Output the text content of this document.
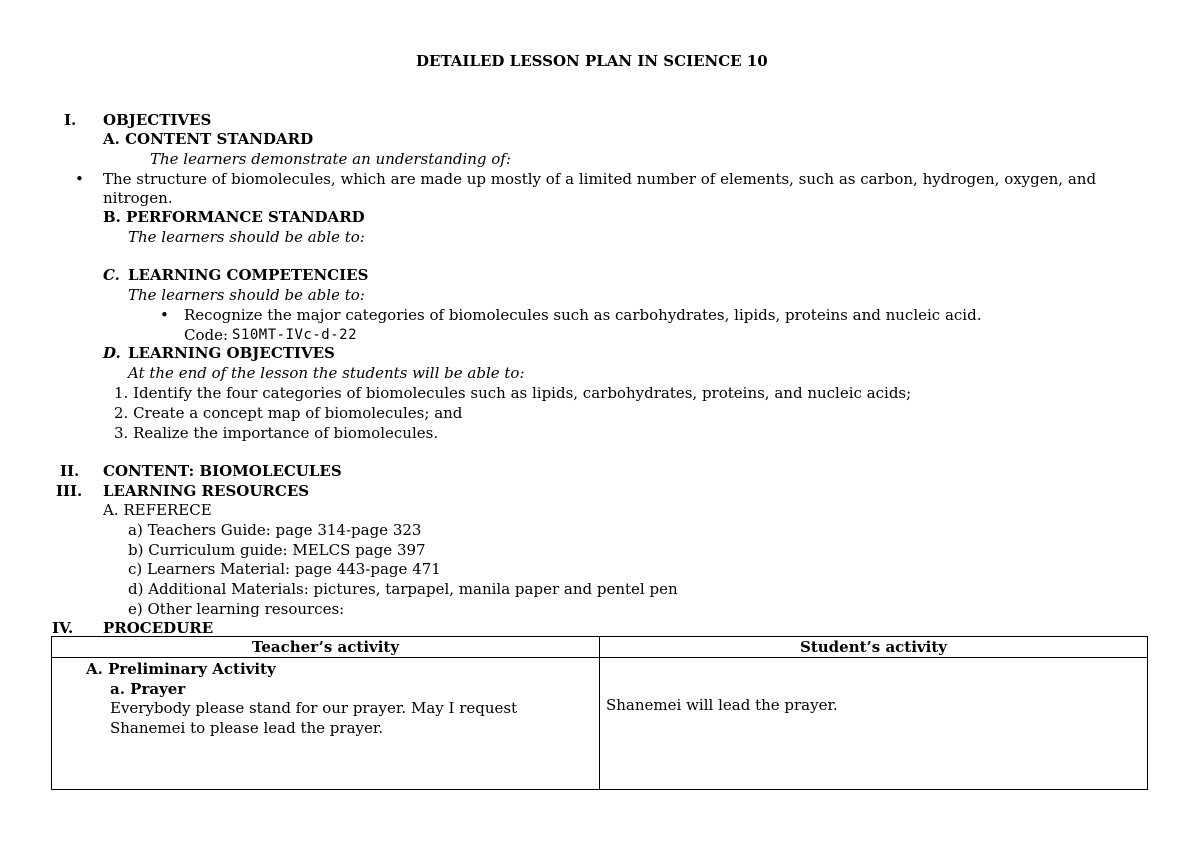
DETAILED LESSON PLAN IN SCIENCE 10
I. OBJECTIVES
A. CONTENT STANDARD
The learners demonstrate an understanding of:
• The structure of biomolecules, which are made up mostly of a limited number of elements, such as carbon, hydrogen, oxygen, and
nitrogen.
B. PERFORMANCE STANDARD
The learners should be able to:
C. LEARNING COMPETENCIES
The learners should be able to:
• Recognize the major categories of biomolecules such as carbohydrates, lipids, proteins and nucleic acid.
Code: S10MT-IVc-d-22
D. LEARNING OBJECTIVES
At the end of the lesson the students will be able to:
1. Identify the four categories of biomolecules such as lipids, carbohydrates, proteins, and nucleic acids;
2. Create a concept map of biomolecules; and
3. Realize the importance of biomolecules.
II. CONTENT: BIOMOLECULES
III. LEARNING RESOURCES
A. REFERECE
a) Teachers Guide: page 314-page 323
b) Curriculum guide: MELCS page 397
c) Learners Material: page 443-page 471
d) Additional Materials: pictures, tarpapel, manila paper and pentel pen
e) Other learning resources:
IV. PROCEDURE
Teacher’s activity	Student’s activity

A. Preliminary Activity
a. Prayer
Everybody please stand for our prayer. May I request
Shanemei to please lead the prayer.	Shanemei will lead the prayer.
